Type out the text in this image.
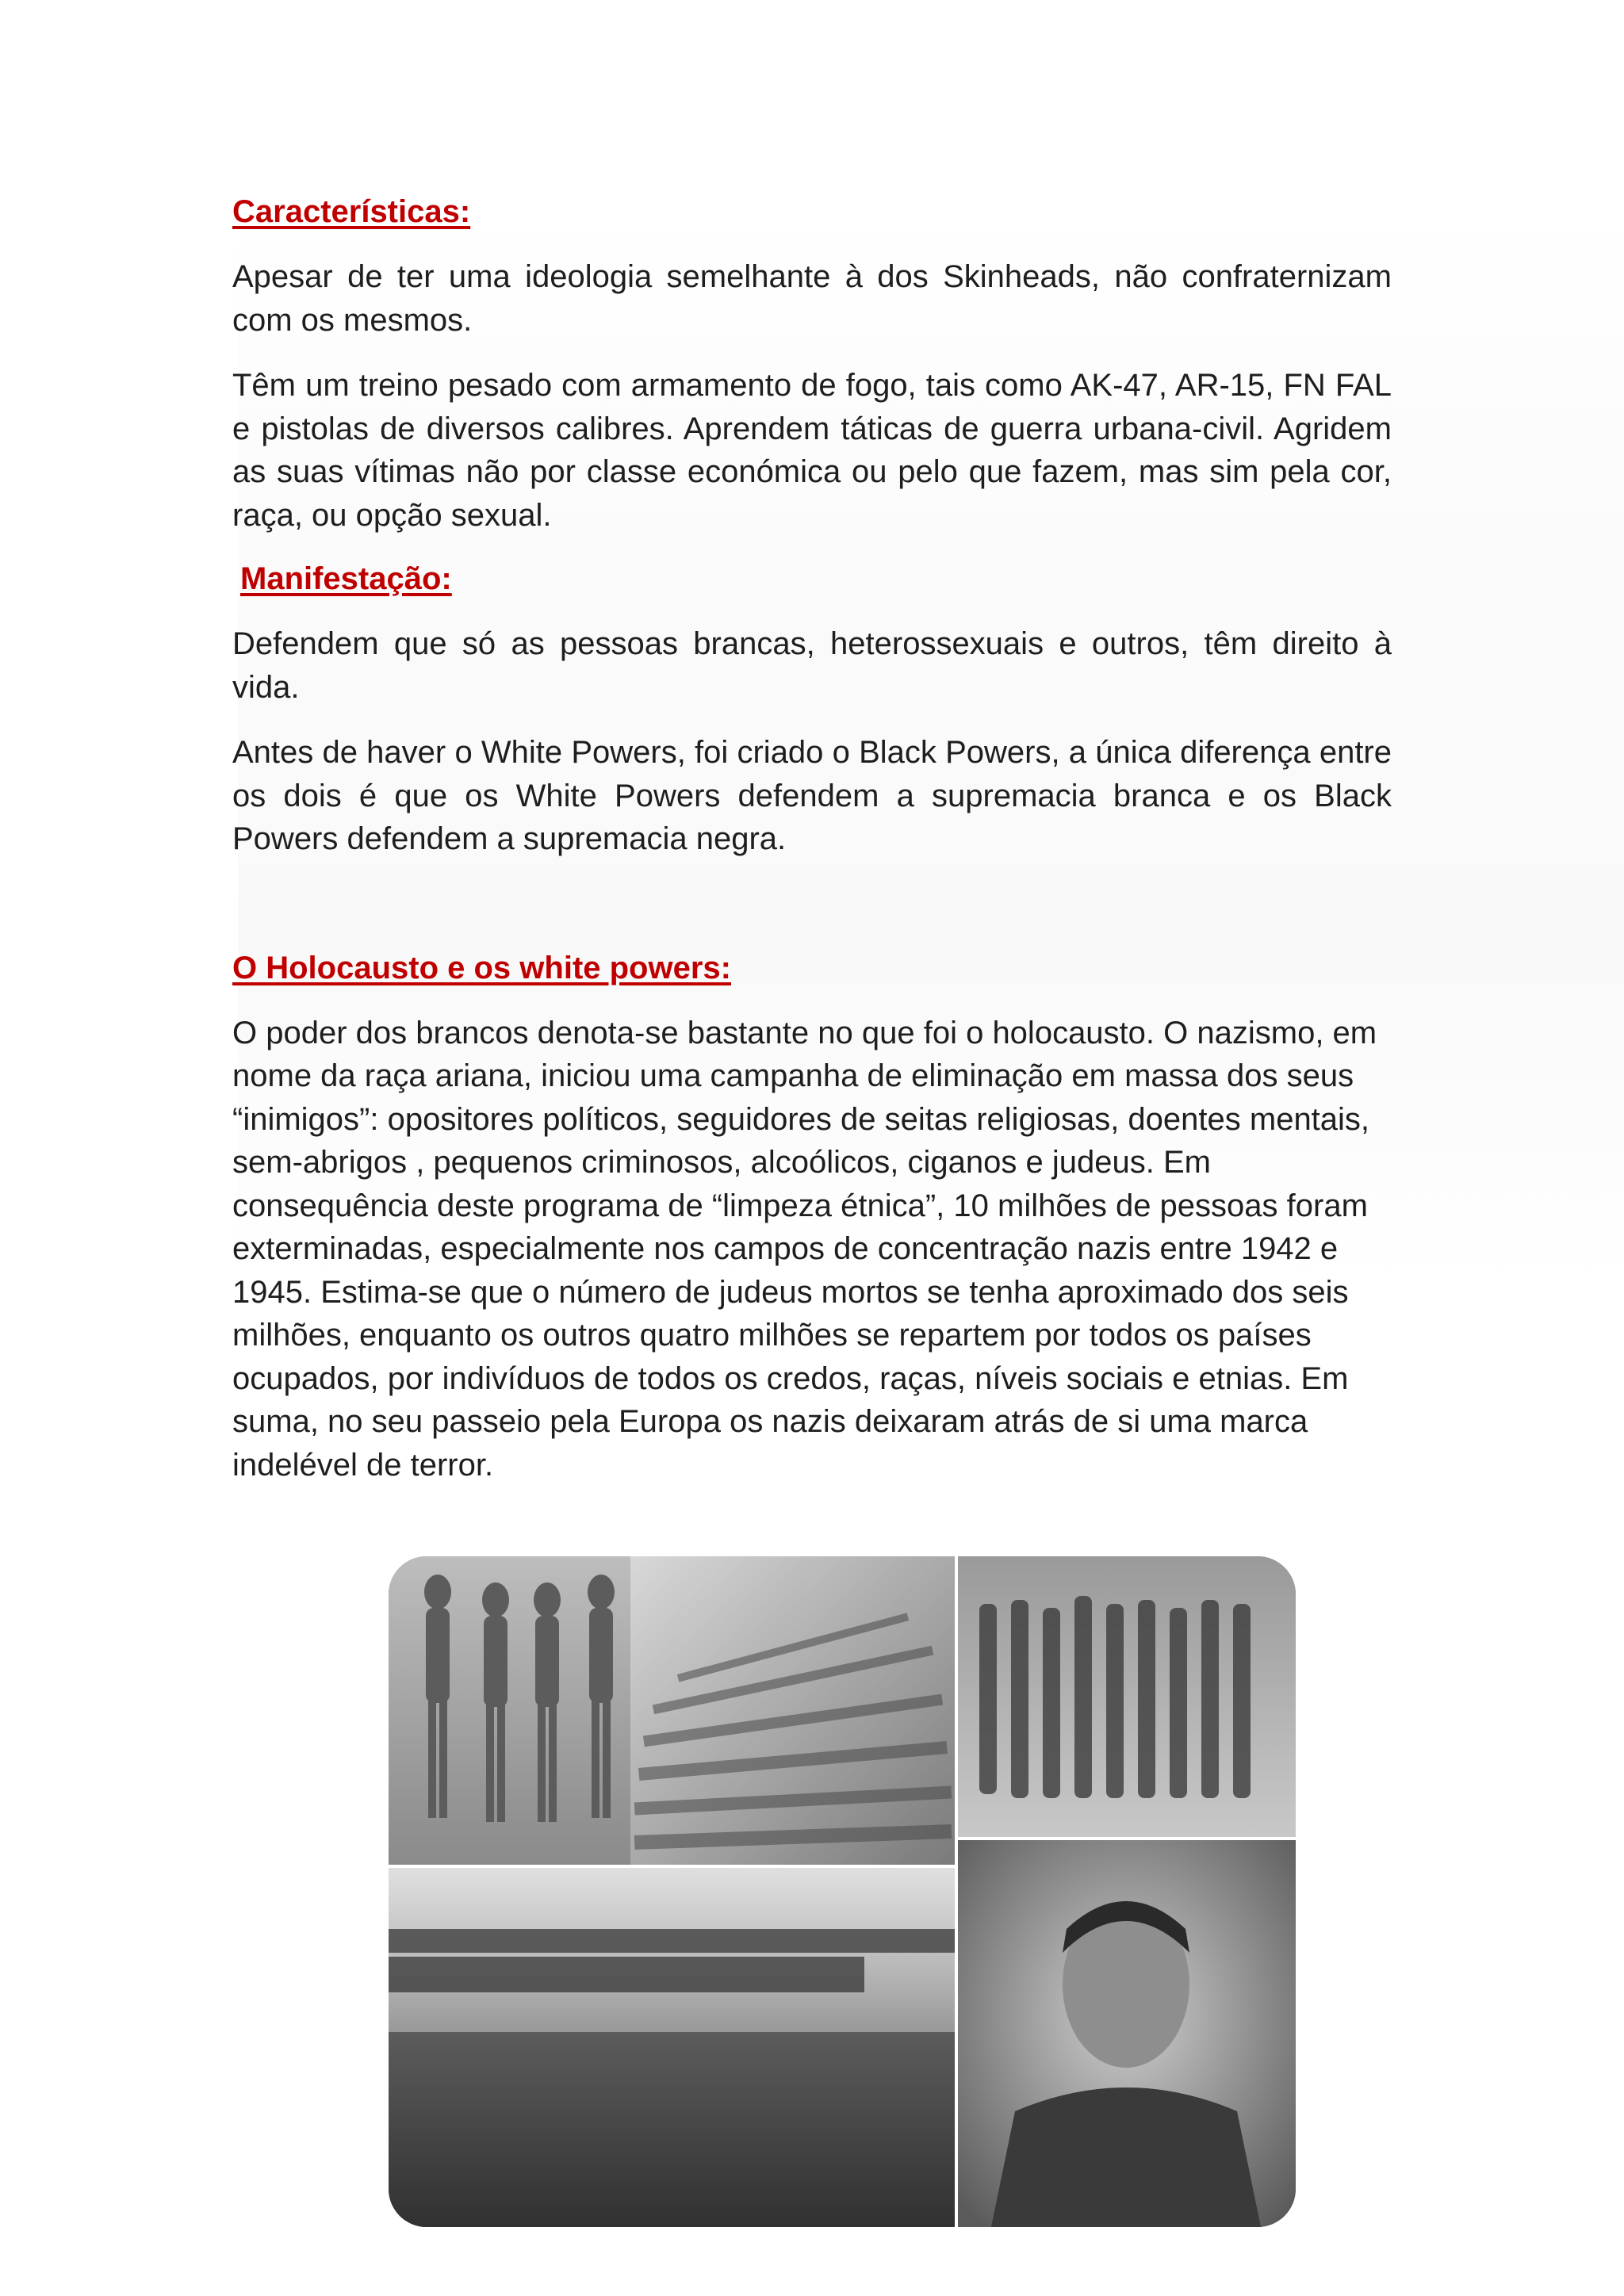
Características:

Apesar de ter uma ideologia semelhante à dos Skinheads, não confraternizam com os mesmos.

Têm um treino pesado com armamento de fogo, tais como AK-47, AR-15, FN FAL e pistolas de diversos calibres. Aprendem táticas de guerra urbana-civil. Agridem as suas vítimas não por classe económica ou pelo que fazem, mas sim pela cor, raça, ou opção sexual.

Manifestação:

Defendem que só as pessoas brancas, heterossexuais e outros, têm direito à vida.

Antes de haver o White Powers, foi criado o Black Powers, a única diferença entre os dois é que os White Powers defendem a supremacia branca e os Black Powers defendem a supremacia negra.

O Holocausto e os white powers:

O poder dos brancos denota-se bastante no que foi o holocausto. O nazismo, em nome da raça ariana, iniciou uma campanha de eliminação em massa dos seus “inimigos”: opositores políticos, seguidores de seitas religiosas, doentes mentais, sem-abrigos , pequenos criminosos, alcoólicos, ciganos e judeus. Em consequência deste programa de “limpeza étnica”, 10 milhões de pessoas foram exterminadas, especialmente nos campos de concentração nazis entre 1942 e 1945. Estima-se que o número de judeus mortos se tenha aproximado dos seis milhões, enquanto os outros quatro milhões se repartem por todos os países ocupados, por indivíduos de todos os credos, raças, níveis sociais e etnias. Em suma, no seu passeio pela Europa os nazis deixaram atrás de si uma marca indelével de terror.
